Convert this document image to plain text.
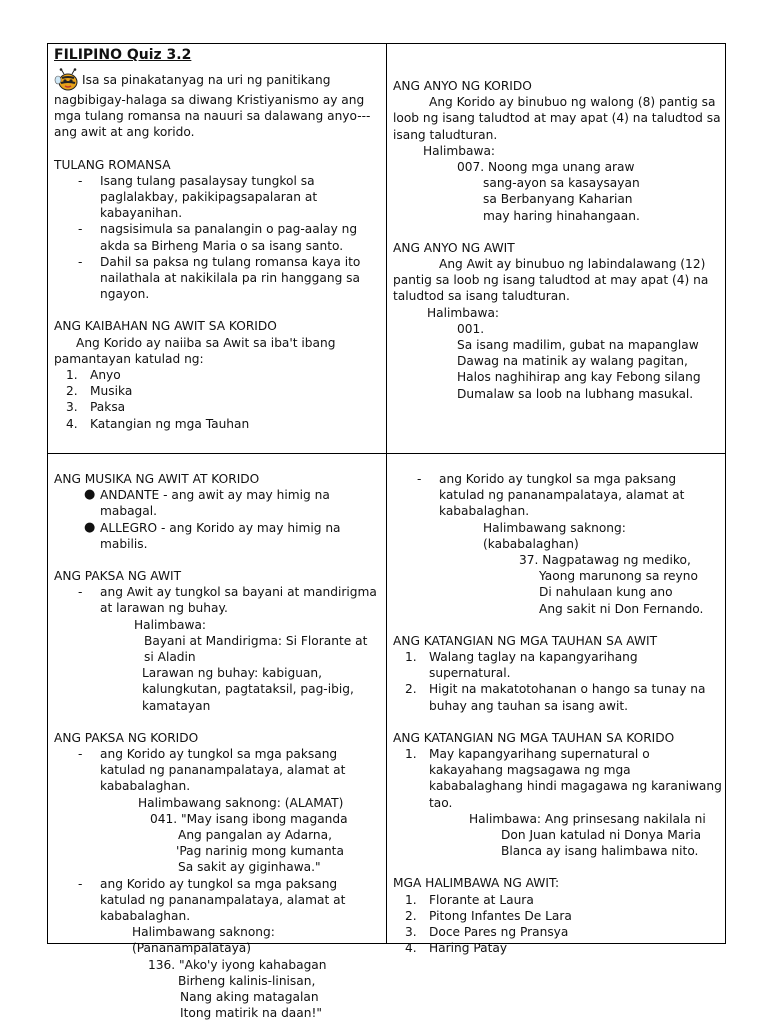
FILIPINO Quiz 3.2

Isa sa pinakatanyag na uri ng panitikang nagbibigay-halaga sa diwang Kristiyanismo ay ang mga tulang romansa na nauuri sa dalawang anyo--- ang awit at ang korido.

TULANG ROMANSA

-	Isang tulang pasalaysay tungkol sa paglalakbay, pakikipagsapalaran at kabayanihan.
-	nagsisimula sa panalangin o pag-aalay ng akda sa Birheng Maria o sa isang santo.
-	Dahil sa paksa ng tulang romansa kaya ito nailathala at nakikilala pa rin hanggang sa ngayon.

ANG KAIBAHAN NG AWIT SA KORIDO

Ang Korido ay naiiba sa Awit sa iba't ibang pamantayan katulad ng:

1.	Anyo
2.	Musika
3.	Paksa
4.	Katangian ng mga Tauhan

ANG ANYO NG KORIDO

Ang Korido ay binubuo ng walong (8) pantig sa loob ng isang taludtod at may apat (4) na taludtod sa isang taludturan.

Halimbawa:

007. Noong mga unang araw

sang-ayon sa kasaysayan

sa Berbanyang Kaharian

may haring hinahangaan.

ANG ANYO NG AWIT

Ang Awit ay binubuo ng labindalawang (12) pantig sa loob ng isang taludtod at may apat (4) na taludtod sa isang taludturan.

Halimbawa:

001.

Sa isang madilim, gubat na mapanglaw

Dawag na matinik ay walang pagitan,

Halos naghihirap ang kay Febong silang

Dumalaw sa loob na lubhang masukal.

ANG MUSIKA NG AWIT AT KORIDO

● ANDANTE - ang awit ay may himig na mabagal.
● ALLEGRO - ang Korido ay may himig na mabilis.

ANG PAKSA NG AWIT

-	ang Awit ay tungkol sa bayani at mandirigma at larawan ng buhay.

Halimbawa:

Bayani at Mandirigma: Si Florante at si Aladin

Larawan ng buhay: kabiguan, kalungkutan, pagtataksil, pag-ibig, kamatayan

ANG PAKSA NG KORIDO

-	ang Korido ay tungkol sa mga paksang katulad ng pananampalataya, alamat at kababalaghan.

Halimbawang saknong: (ALAMAT)

041. "May isang ibong maganda

Ang pangalan ay Adarna,

'Pag narinig mong kumanta

Sa sakit ay giginhawa."

-	ang Korido ay tungkol sa mga paksang katulad ng pananampalataya, alamat at kababalaghan.

Halimbawang saknong: (Pananampalataya)

136. "Ako'y iyong kahabagan

Birheng kalinis-linisan,

Nang aking matagalan

Itong matirik na daan!"

-	ang Korido ay tungkol sa mga paksang katulad ng pananampalataya, alamat at kababalaghan.

Halimbawang saknong: (kababalaghan)

37. Nagpatawag ng mediko,

Yaong marunong sa reyno

Di nahulaan kung ano

Ang sakit ni Don Fernando.

ANG KATANGIAN NG MGA TAUHAN SA AWIT

1.	Walang taglay na kapangyarihang supernatural.
2.	Higit na makatotohanan o hango sa tunay na buhay ang tauhan sa isang awit.

ANG KATANGIAN NG MGA TAUHAN SA KORIDO

1.	May kapangyarihang supernatural o kakayahang magsagawa ng mga kababalaghang hindi magagawa ng karaniwang tao.

Halimbawa: Ang prinsesang nakilala ni Don Juan katulad ni Donya Maria Blanca ay isang halimbawa nito.

MGA HALIMBAWA NG AWIT:

1.	Florante at Laura
2.	Pitong Infantes De Lara
3.	Doce Pares ng Pransya
4.	Haring Patay
